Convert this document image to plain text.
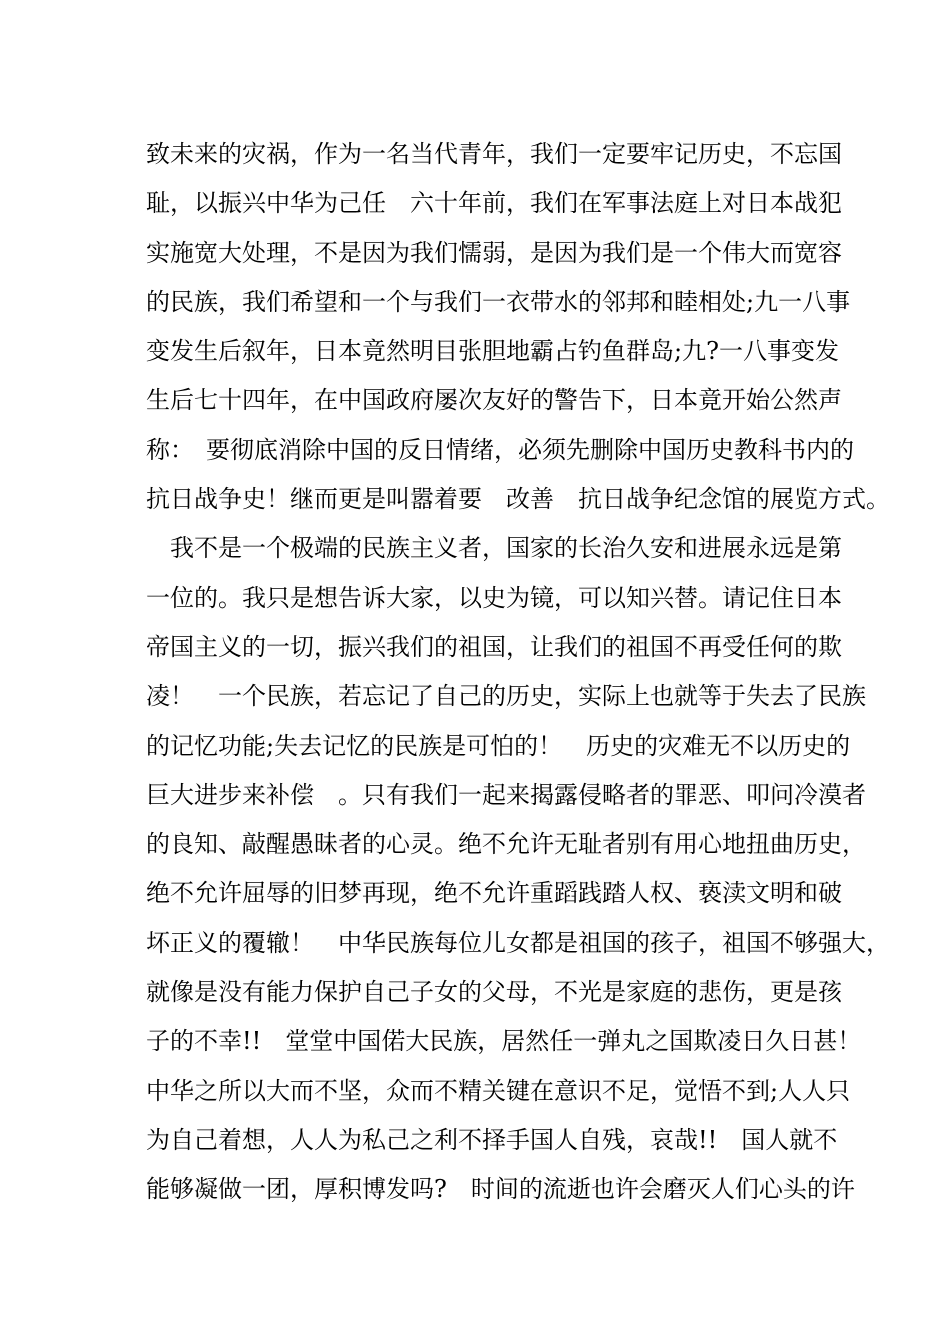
致未来的灾祸，作为一名当代青年，我们一定要牢记历史，不忘国
耻，以振兴中华为己任　六十年前，我们在军事法庭上对日本战犯
实施宽大处理，不是因为我们懦弱，是因为我们是一个伟大而宽容
的民族，我们希望和一个与我们一衣带水的邻邦和睦相处;九一八事
变发生后叙年，日本竟然明目张胆地霸占钓鱼群岛;九?一八事变发
生后七十四年，在中国政府屡次友好的警告下，日本竟开始公然声
称：　要彻底消除中国的反日情绪，必须先删除中国历史教科书内的
抗日战争史！继而更是叫嚣着要　改善　抗日战争纪念馆的展览方式。
　我不是一个极端的民族主义者，国家的长治久安和进展永远是第
一位的。我只是想告诉大家，以史为镜，可以知兴替。请记住日本
帝国主义的一切，振兴我们的祖国，让我们的祖国不再受任何的欺
凌！　一个民族，若忘记了自己的历史，实际上也就等于失去了民族
的记忆功能;失去记忆的民族是可怕的！　历史的灾难无不以历史的
巨大进步来补偿　。只有我们一起来揭露侵略者的罪恶、叩问冷漠者
的良知、敲醒愚昧者的心灵。绝不允许无耻者别有用心地扭曲历史，
绝不允许屈辱的旧梦再现，绝不允许重蹈践踏人权、亵渎文明和破
坏正义的覆辙！　中华民族每位儿女都是祖国的孩子，祖国不够强大，
就像是没有能力保护自己子女的父母，不光是家庭的悲伤，更是孩
子的不幸!!　堂堂中国偌大民族，居然任一弹丸之国欺凌日久日甚！
中华之所以大而不坚，众而不精关键在意识不足，觉悟不到;人人只
为自己着想，人人为私己之利不择手国人自残，哀哉!!　国人就不
能够凝做一团，厚积博发吗?　时间的流逝也许会磨灭人们心头的许
